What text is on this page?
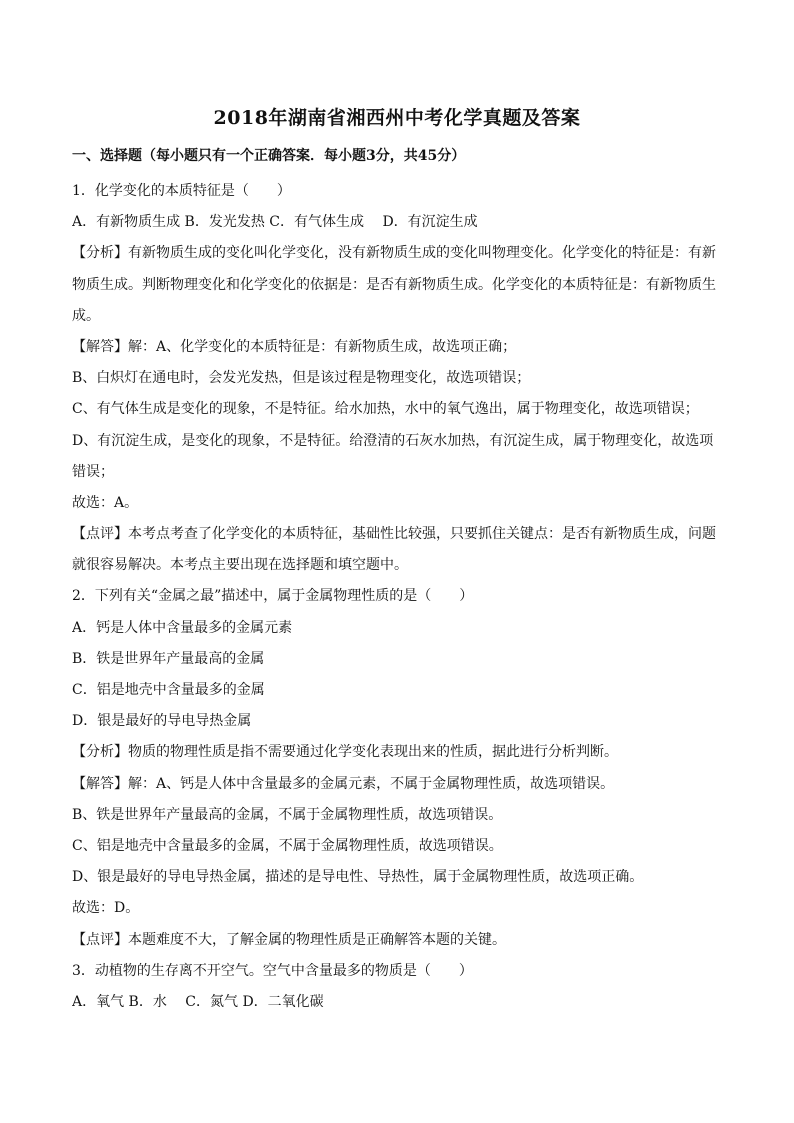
2018年湖南省湘西州中考化学真题及答案
一、选择题（每小题只有一个正确答案．每小题3分，共45分）
1．化学变化的本质特征是（　　）
A．有新物质生成 B．发光发热 C．有气体生成　 D．有沉淀生成
【分析】有新物质生成的变化叫化学变化，没有新物质生成的变化叫物理变化。化学变化的特征是：有新
物质生成。判断物理变化和化学变化的依据是：是否有新物质生成。化学变化的本质特征是：有新物质生
成。
【解答】解：A、化学变化的本质特征是：有新物质生成，故选项正确；
B、白炽灯在通电时，会发光发热，但是该过程是物理变化，故选项错误；
C、有气体生成是变化的现象，不是特征。给水加热，水中的氧气逸出，属于物理变化，故选项错误；
D、有沉淀生成，是变化的现象，不是特征。给澄清的石灰水加热，有沉淀生成，属于物理变化，故选项
错误；
故选：A。
【点评】本考点考查了化学变化的本质特征，基础性比较强，只要抓住关键点：是否有新物质生成，问题
就很容易解决。本考点主要出现在选择题和填空题中。
2．下列有关“金属之最”描述中，属于金属物理性质的是（　　）
A．钙是人体中含量最多的金属元素
B．铁是世界年产量最高的金属
C．铝是地壳中含量最多的金属
D．银是最好的导电导热金属
【分析】物质的物理性质是指不需要通过化学变化表现出来的性质，据此进行分析判断。
【解答】解：A、钙是人体中含量最多的金属元素，不属于金属物理性质，故选项错误。
B、铁是世界年产量最高的金属，不属于金属物理性质，故选项错误。
C、铝是地壳中含量最多的金属，不属于金属物理性质，故选项错误。
D、银是最好的导电导热金属，描述的是导电性、导热性，属于金属物理性质，故选项正确。
故选：D。
【点评】本题难度不大，了解金属的物理性质是正确解答本题的关键。
3．动植物的生存离不开空气。空气中含量最多的物质是（　　）
A．氧气 B．水　 C．氮气 D．二氧化碳
